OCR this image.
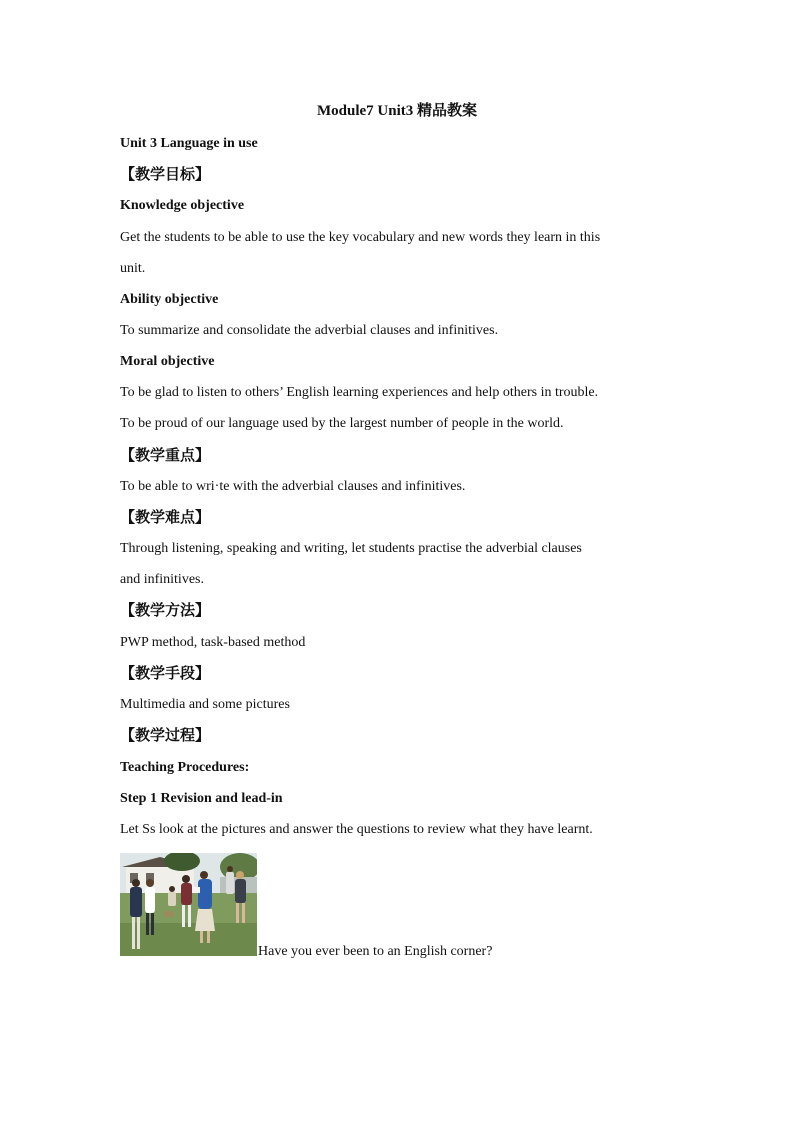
Module7 Unit3 精品教案
Unit 3 Language in use
【教学目标】
Knowledge objective
Get the students to be able to use the key vocabulary and new words they learn in this
unit.
Ability objective
To summarize and consolidate the adverbial clauses and infinitives.
Moral objective
To be glad to listen to others’ English learning experiences and help others in trouble.
To be proud of our language used by the largest number of people in the world.
【教学重点】
To be able to wri·te with the adverbial clauses and infinitives.
【教学难点】
Through listening, speaking and writing, let students practise the adverbial clauses
and infinitives.
【教学方法】
PWP method, task-based method
【教学手段】
Multimedia and some pictures
【教学过程】
Teaching Procedures:
Step 1 Revision and lead-in
Let Ss look at the pictures and answer the questions to review what they have learnt.
Have you ever been to an English corner?
